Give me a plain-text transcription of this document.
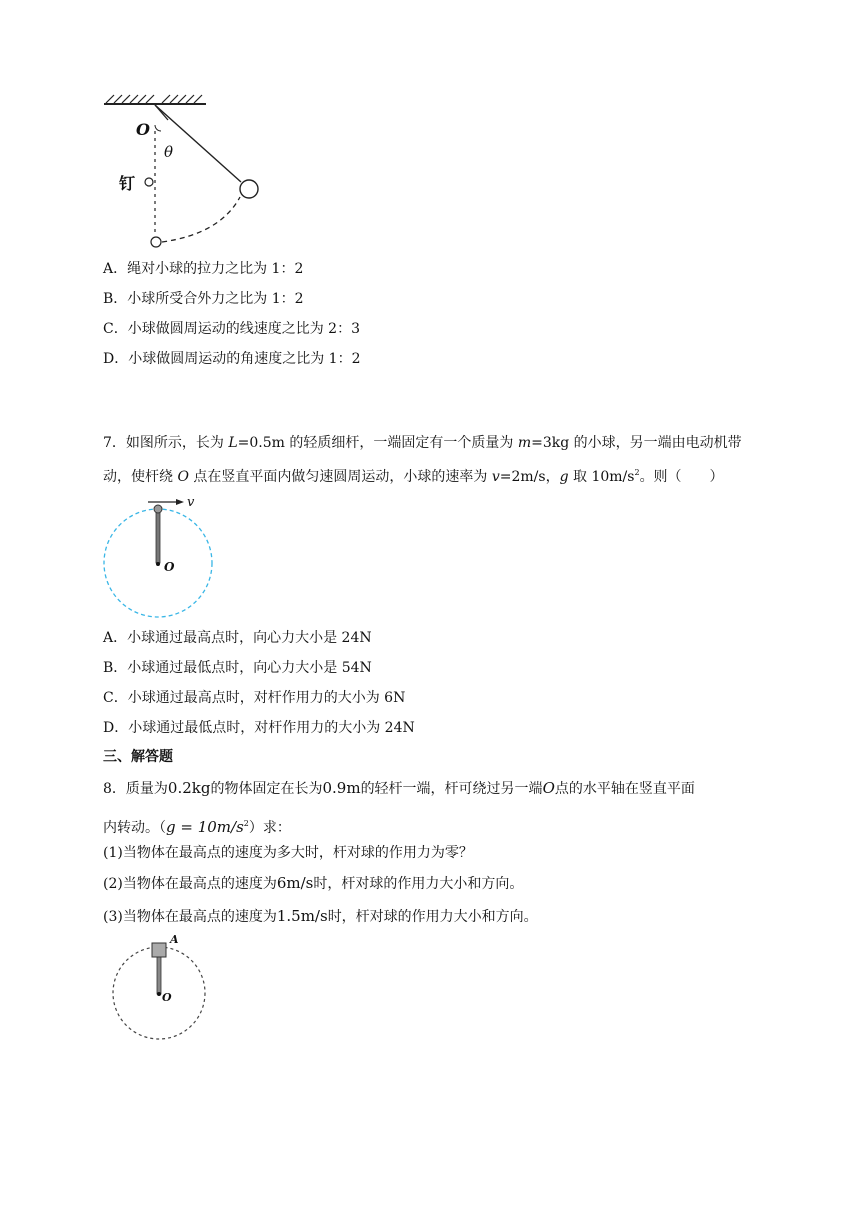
O
θ
钉
A．绳对小球的拉力之比为 1：2
B．小球所受合外力之比为 1：2
C．小球做圆周运动的线速度之比为 2：3
D．小球做圆周运动的角速度之比为 1：2
7．如图所示，长为 L=0.5m 的轻质细杆，一端固定有一个质量为 m=3kg 的小球，另一端由电动机带
动，使杆绕 O 点在竖直平面内做匀速圆周运动，小球的速率为 v=2m/s，g 取 $10m/s^2$。则（　　）
v
O
A．小球通过最高点时，向心力大小是 24N
B．小球通过最低点时，向心力大小是 54N
C．小球通过最高点时，对杆作用力的大小为 6N
D．小球通过最低点时，对杆作用力的大小为 24N
三、解答题
8．质量为0.2kg的物体固定在长为0.9m的轻杆一端，杆可绕过另一端O点的水平轴在竖直平面
内转动。$(g = 10m/s^2)$求：
(1)当物体在最高点的速度为多大时，杆对球的作用力为零？
(2)当物体在最高点的速度为6m/s时，杆对球的作用力大小和方向。
(3)当物体在最高点的速度为1.5m/s时，杆对球的作用力大小和方向。
A
O
